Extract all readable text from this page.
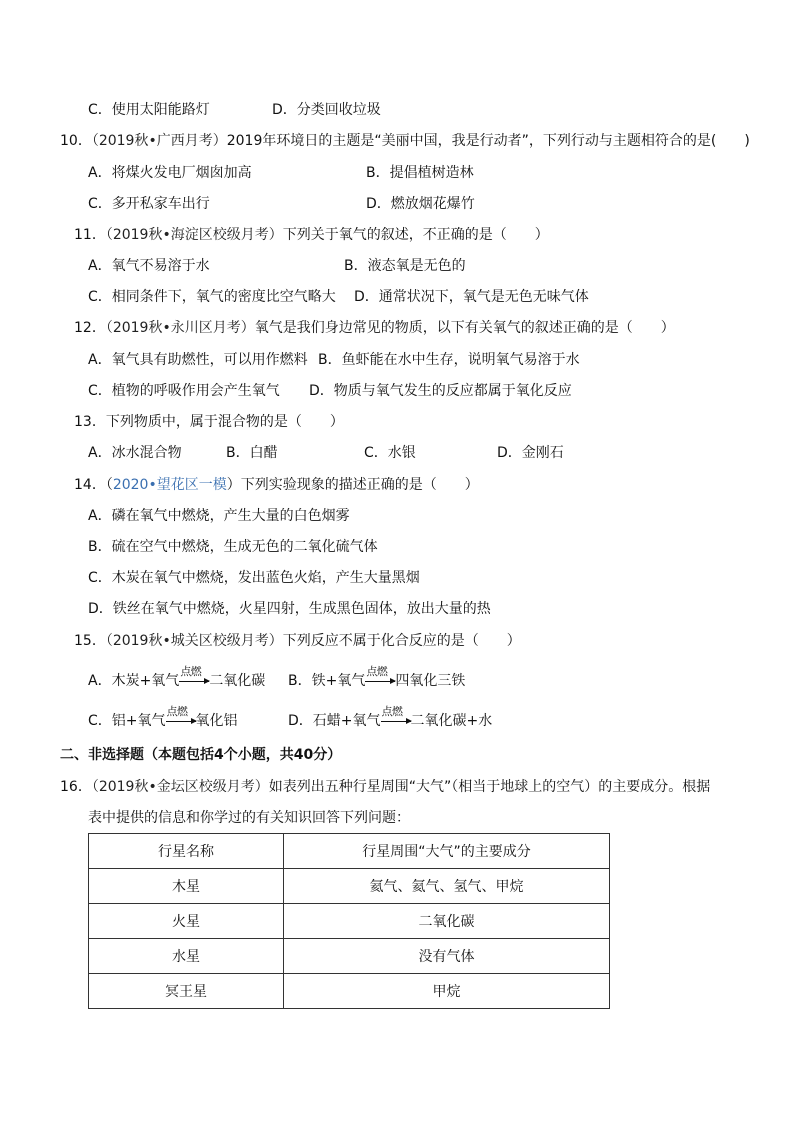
C．使用太阳能路灯	D．分类回收垃圾
10．（2019秋•广西月考）2019年环境日的主题是“美丽中国，我是行动者”，下列行动与主题相符合的是(　　)
A．将煤火发电厂烟囱加高	B．提倡植树造林
C．多开私家车出行	D．燃放烟花爆竹
11．（2019秋•海淀区校级月考）下列关于氧气的叙述，不正确的是（　　）
A．氧气不易溶于水	B．液态氧是无色的
C．相同条件下，氧气的密度比空气略大 D．通常状况下，氧气是无色无味气体
12．（2019秋•永川区月考）氧气是我们身边常见的物质，以下有关氧气的叙述正确的是（　　）
A．氧气具有助燃性，可以用作燃料 B．鱼虾能在水中生存，说明氧气易溶于水
C．植物的呼吸作用会产生氧气 D．物质与氧气发生的反应都属于氧化反应
13．下列物质中，属于混合物的是（　　）
A．冰水混合物	B．白醋	C．水银	D．金刚石
14．（2020•望花区一模）下列实验现象的描述正确的是（　　）
A．磷在氧气中燃烧，产生大量的白色烟雾
B．硫在空气中燃烧，生成无色的二氧化硫气体
C．木炭在氧气中燃烧，发出蓝色火焰，产生大量黑烟
D．铁丝在氧气中燃烧，火星四射，生成黑色固体，放出大量的热
15．（2019秋•城关区校级月考）下列反应不属于化合反应的是（　　）
A．木炭+氧气
点燃
二氧化碳 B．铁+氧气
点燃
四氧化三铁
C．铝+氧气
点燃
氧化铝	D．石蜡+氧气
点燃
二氧化碳+水
二、非选择题（本题包括4个小题，共40分）
16．（2019秋•金坛区校级月考）如表列出五种行星周围“大气”（相当于地球上的空气）的主要成分。根据
表中提供的信息和你学过的有关知识回答下列问题：
行星名称	行星周围“大气”的主要成分
木星	氦气、氦气、氢气、甲烷
火星	二氧化碳
水星	没有气体
冥王星	甲烷
